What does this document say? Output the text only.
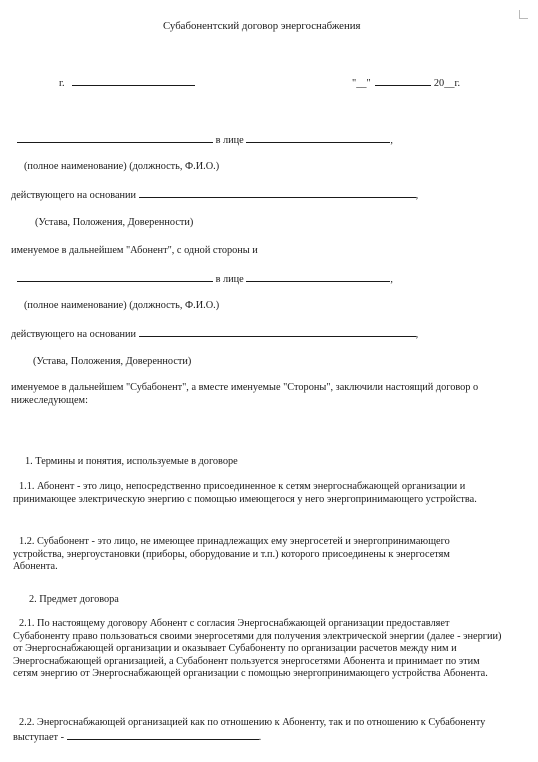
Субабонентский договор энергоснабжения
г.	"__"	20__г.
в лице	,
(полное наименование) (должность, Ф.И.О.)
действующего на основании	,
(Устава, Положения, Доверенности)
именуемое в дальнейшем "Абонент", с одной стороны и
в лице	,
(полное наименование) (должность, Ф.И.О.)
действующего на основании	,
(Устава, Положения, Доверенности)
именуемое в дальнейшем "Субабонент", а вместе именуемые "Стороны", заключили настоящий договор о нижеследующем:
1. Термины и понятия, используемые в договоре
1.1. Абонент - это лицо, непосредственно присоединенное к сетям энергоснабжающей организации и принимающее электрическую энергию с помощью имеющегося у него энергопринимающего устройства.
1.2. Субабонент - это лицо, не имеющее принадлежащих ему энергосетей и энергопринимающего устройства, энергоустановки (приборы, оборудование и т.п.) которого присоединены к энергосетям Абонента.
2. Предмет договора
2.1. По настоящему договору Абонент с согласия Энергоснабжающей организации предоставляет Субабоненту право пользоваться своими энергосетями для получения электрической энергии (далее - энергии) от Энергоснабжающей организации и оказывает Субабоненту по организации расчетов между ним и Энергоснабжающей организацией, а Субабонент пользуется энергосетями Абонента и принимает по этим сетям энергию от Энергоснабжающей организации с помощью энергопринимающего устройства Абонента.
2.2. Энергоснабжающей организацией как по отношению к Абоненту, так и по отношению к Субабоненту выступает -	.
